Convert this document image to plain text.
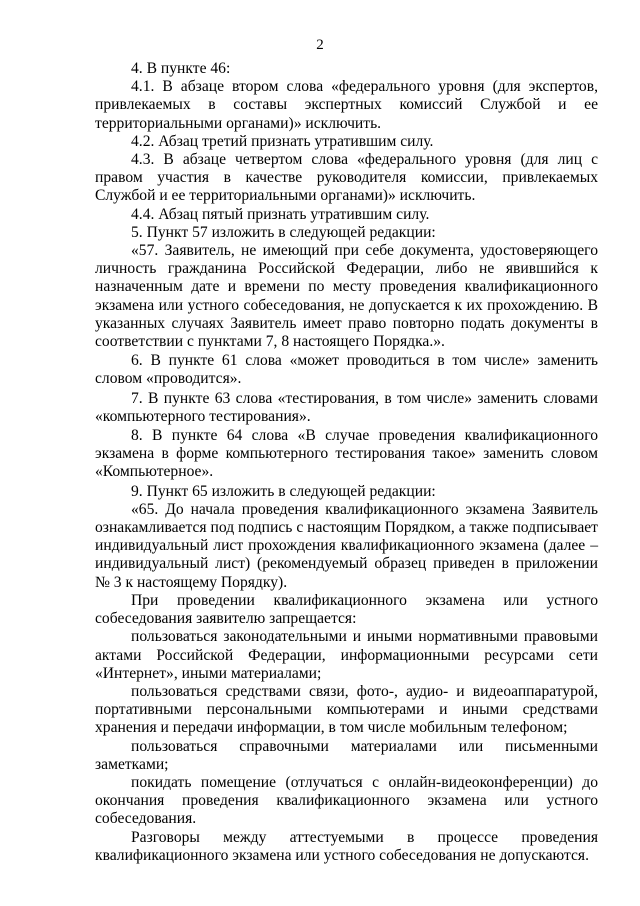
2

4. В пункте 46:

4.1. В абзаце втором слова «федерального уровня (для экспертов, привлекаемых в составы экспертных комиссий Службой и ее территориальными органами)» исключить.

4.2. Абзац третий признать утратившим силу.

4.3. В абзаце четвертом слова «федерального уровня (для лиц с правом участия в качестве руководителя комиссии, привлекаемых Службой и ее территориальными органами)» исключить.

4.4. Абзац пятый признать утратившим силу.

5. Пункт 57 изложить в следующей редакции:

«57. Заявитель, не имеющий при себе документа, удостоверяющего личность гражданина Российской Федерации, либо не явившийся к назначенным дате и времени по месту проведения квалификационного экзамена или устного собеседования, не допускается к их прохождению. В указанных случаях Заявитель имеет право повторно подать документы в соответствии с пунктами 7, 8 настоящего Порядка.».

6. В пункте 61 слова «может проводиться в том числе» заменить словом «проводится».

7. В пункте 63 слова «тестирования, в том числе» заменить словами «компьютерного тестирования».

8. В пункте 64 слова «В случае проведения квалификационного экзамена в форме компьютерного тестирования такое» заменить словом «Компьютерное».

9. Пункт 65 изложить в следующей редакции:

«65. До начала проведения квалификационного экзамена Заявитель ознакамливается под подпись с настоящим Порядком, а также подписывает индивидуальный лист прохождения квалификационного экзамена (далее – индивидуальный лист) (рекомендуемый образец приведен в приложении № 3 к настоящему Порядку).

При проведении квалификационного экзамена или устного собеседования заявителю запрещается:

пользоваться законодательными и иными нормативными правовыми актами Российской Федерации, информационными ресурсами сети «Интернет», иными материалами;

пользоваться средствами связи, фото-, аудио- и видеоаппаратурой, портативными персональными компьютерами и иными средствами хранения и передачи информации, в том числе мобильным телефоном;

пользоваться справочными материалами или письменными заметками;

покидать помещение (отлучаться с онлайн-видеоконференции) до окончания проведения квалификационного экзамена или устного собеседования.

Разговоры между аттестуемыми в процессе проведения квалификационного экзамена или устного собеседования не допускаются.
